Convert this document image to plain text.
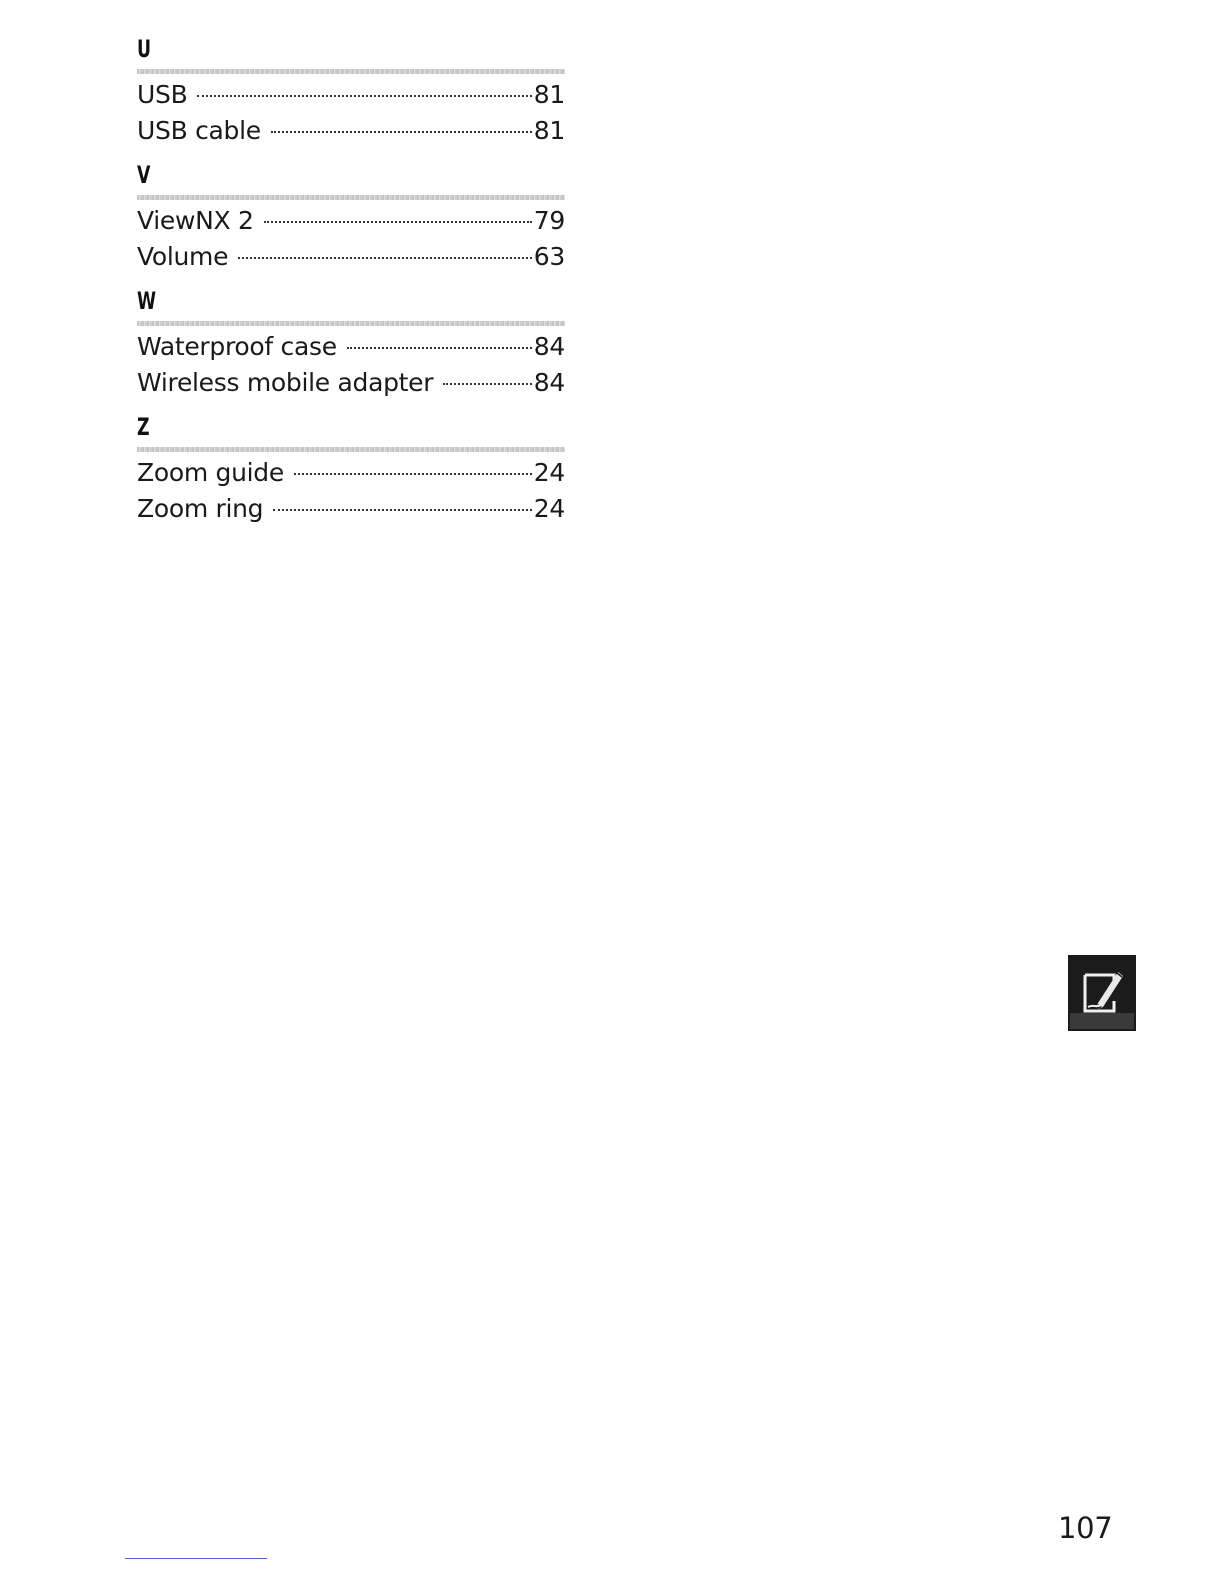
U
USB	81
USB cable	81
V
ViewNX 2	79
Volume	63
W
Waterproof case	84
Wireless mobile adapter	84
Z
Zoom guide	24
Zoom ring	24
107
